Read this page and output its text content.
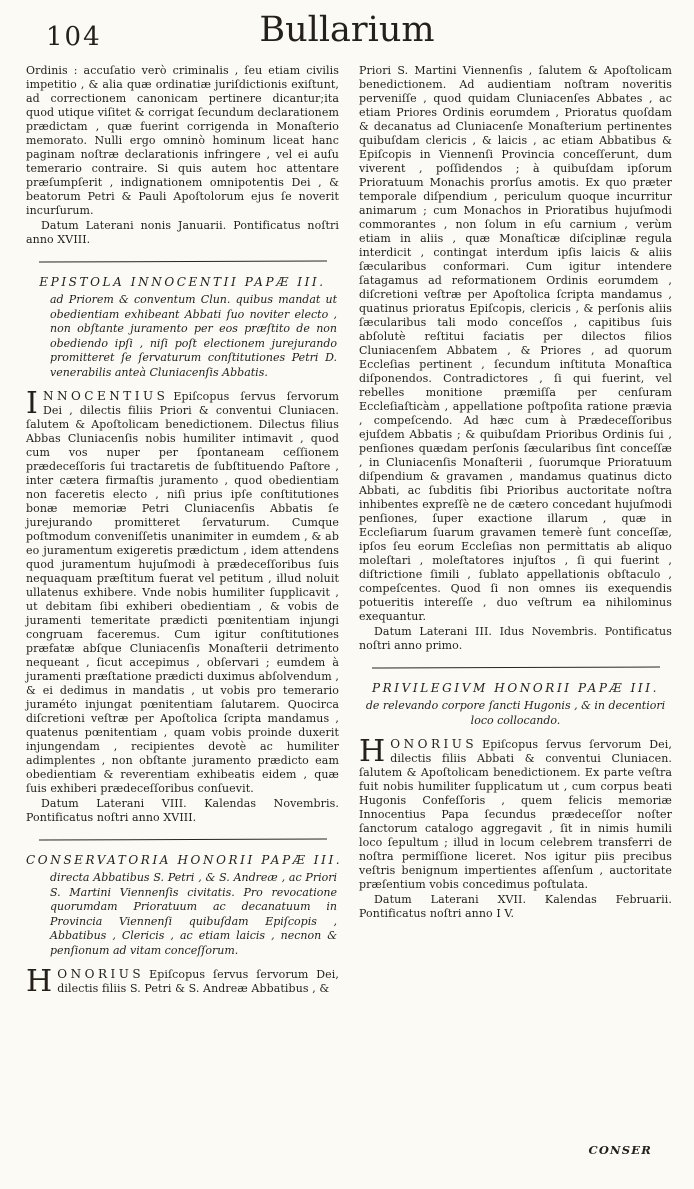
104	Bullarium

Ordinis : accuſatio verò criminalis , ſeu etiam civilis impetitio , & alia quæ ordinatiæ juriſdictionis exiſtunt, ad correctionem canonicam pertinere dicantur;ita quod utique viſitet & corrigat ſecundum declarationem prædictam , quæ fuerint corrigenda in Monaſterio memorato. Nulli ergo omninò hominum liceat hanc paginam noſtræ declarationis infringere , vel ei auſu temerario contraire. Si quis autem hoc attentare præſumpſerit , indignationem omnipotentis Dei , & beatorum Petri & Pauli Apoſtolorum ejus ſe noverit incurſurum.

Datum Laterani nonis Januarii. Pontificatus noſtri anno XVIII.

EPISTOLA INNOCENTII PAPÆ III.
ad Priorem & conventum Clun. quibus mandat ut obedientiam exhibeant Abbati ſuo noviter electo , non obſtante juramento per eos præſtito de non obediendo ipſi , niſi poſt electionem jurejurando promitteret ſe ſervaturum conſtitutiones Petri D. venerabilis anteà Cluniacenſis Abbatis.

INNOCENTIUS Epiſcopus ſervus ſervorum Dei , dilectis filiis Priori & conventui Cluniacen. ſalutem & Apoſtolicam benedictionem. Dilectus filius Abbas Cluniacenſis nobis humiliter intimavit , quod cum vos nuper per ſpontaneam ceſſionem prædeceſſoris ſui tractaretis de ſubſtituendo Paſtore , inter cætera firmaſtis juramento , quod obedientiam non faceretis electo , niſi prius ipſe conſtitutiones bonæ memoriæ Petri Cluniacenſis Abbatis ſe jurejurando promitteret ſervaturum. Cumque poſtmodum conveniſſetis unanimiter in eumdem , & ab eo juramentum exigeretis prædictum , idem attendens quod juramentum hujuſmodi à prædeceſſoribus ſuis nequaquam præſtitum fuerat vel petitum , illud noluit ullatenus exhibere. Vnde nobis humiliter ſupplicavit , ut debitam ſibi exhiberi obedientiam , & vobis de juramenti temeritate prædicti pœnitentiam injungi congruam faceremus. Cum igitur conſtitutiones præfatæ abſque Cluniacenſis Monaſterii detrimento nequeant , ſicut accepimus , obſervari ; eumdem à juramenti præſtatione prædicti duximus abſolvendum , & ei dedimus in mandatis , ut vobis pro temerario juraméto injungat pœnitentiam ſalutarem. Quocirca diſcretioni veſtræ per Apoſtolica ſcripta mandamus , quatenus pœnitentiam , quam vobis proinde duxerit injungendam , recipientes devotè ac humiliter adimplentes , non obſtante juramento prædicto eam obedientiam & reverentiam exhibeatis eidem , quæ ſuis exhiberi prædeceſſoribus conſuevit.

Datum Laterani VIII. Kalendas Novembris. Pontificatus noſtri anno XVIII.

CONSERVATORIA HONORII PAPÆ III.
directa Abbatibus S. Petri , & S. Andreæ , ac Priori S. Martini Viennenſis civitatis. Pro revocatione quorumdam Prioratuum ac decanatuum in Provincia Viennenſi quibuſdam Epiſcopis , Abbatibus , Clericis , ac etiam laicis , necnon & penſionum ad vitam conceſſorum.

HONORIUS Epiſcopus ſervus ſervorum Dei, dilectis filiis S. Petri & S. Andreæ Abbatibus , &

Priori S. Martini Viennenſis , ſalutem & Apoſtolicam benedictionem. Ad audientiam noſtram noveritis perveniſſe , quod quidam Cluniacenſes Abbates , ac etiam Priores Ordinis eorumdem , Prioratus quoſdam & decanatus ad Cluniacenſe Monaſterium pertinentes quibuſdam clericis , & laicis , ac etiam Abbatibus & Epiſcopis in Viennenſi Provincia conceſſerunt, dum viverent , poſſidendos ; à quibuſdam ipſorum Prioratuum Monachis prorſus amotis. Ex quo præter temporale diſpendium , periculum quoque incurritur animarum ; cum Monachos in Prioratibus hujuſmodi commorantes , non ſolum in eſu carnium , verùm etiam in aliis , quæ Monaſticæ diſciplinæ regula interdicit , contingat interdum ipſis laicis & aliis ſæcularibus conformari. Cum igitur intendere ſatagamus ad reformationem Ordinis eorumdem , diſcretioni veſtræ per Apoſtolica ſcripta mandamus , quatinus prioratus Epiſcopis, clericis , & perſonis aliis ſæcularibus tali modo conceſſos , capitibus ſuis abſolutè reſtitui faciatis per dilectos filios Cluniacenſem Abbatem , & Priores , ad quorum Eccleſias pertinent , ſecundum inſtituta Monaſtica diſponendos. Contradictores , ſi qui fuerint, vel rebelles monitione præmiſſa per cenſuram Eccleſiaſticàm , appellatione poſtpoſita ratione prævia , compeſcendo. Ad hæc cum à Prædeceſſoribus ejuſdem Abbatis ; & quibuſdam Prioribus Ordinis ſui , penſiones quædam perſonis ſæcularibus ſint conceſſæ , in Cluniacenſis Monaſterii , ſuorumque Prioratuum diſpendium & gravamen , mandamus quatinus dicto Abbati, ac ſubditis ſibi Prioribus auctoritate noſtra inhibentes expreſſè ne de cætero concedant hujuſmodi penſiones, ſuper exactione illarum , quæ in Eccleſiarum ſuarum gravamen temerè ſunt conceſſæ, ipſos ſeu eorum Eccleſias non permittatis ab aliquo moleſtari , moleſtatores injuſtos , ſi qui fuerint , diſtrictione ſimili , ſublato appellationis obſtaculo , compeſcentes. Quod ſi non omnes iis exequendis potueritis intereſſe , duo veſtrum ea nihilominus exequantur.

Datum Laterani III. Idus Novembris. Pontificatus noſtri anno primo.

PRIVILEGIVM HONORII PAPÆ III.
de relevando corpore ſancti Hugonis , & in decentiori loco collocando.

HONORIUS Epiſcopus ſervus ſervorum Dei, dilectis filiis Abbati & conventui Cluniacen. ſalutem & Apoſtolicam benedictionem. Ex parte veſtra fuit nobis humiliter ſupplicatum ut , cum corpus beati Hugonis Confeſſoris , quem felicis memoriæ Innocentius Papa ſecundus prædeceſſor noſter ſanctorum catalogo aggregavit , ſit in nimis humili loco ſepultum ; illud in locum celebrem transferri de noſtra permiſſione liceret. Nos igitur piis precibus veſtris benignum impertientes aſſenſum , auctoritate præſentium vobis concedimus poſtulata.

Datum Laterani XVII. Kalendas Februarii. Pontificatus noſtri anno I V.

CONSER
